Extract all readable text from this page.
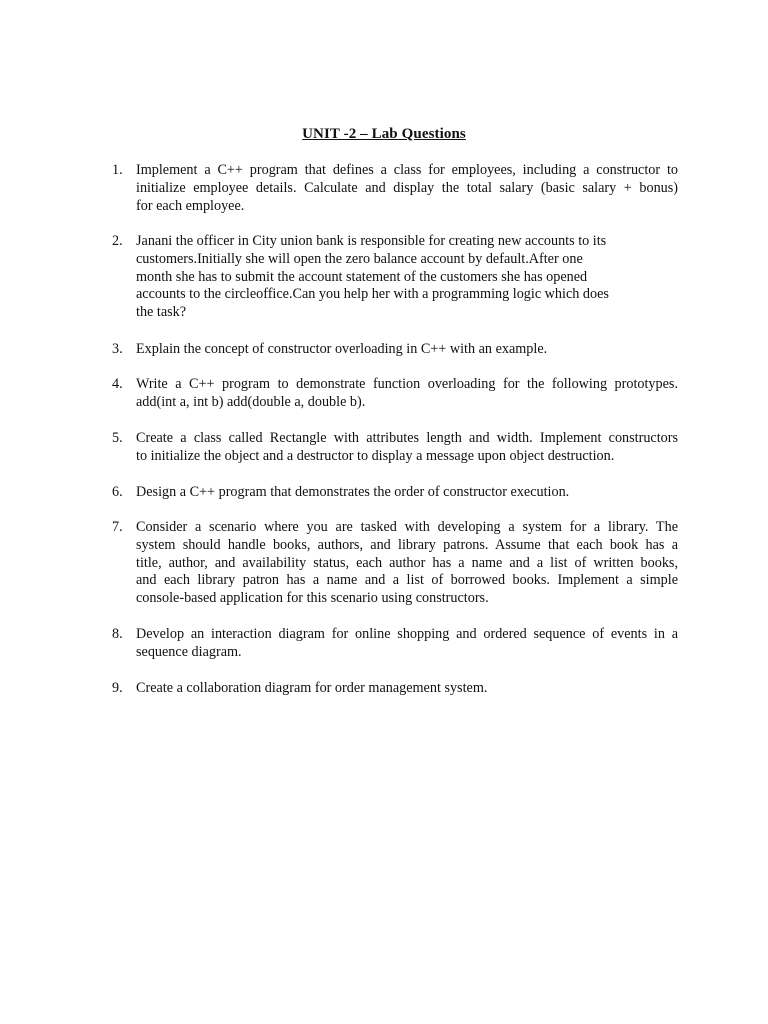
UNIT -2 – Lab Questions
1. Implement a C++ program that defines a class for employees, including a constructor to
initialize employee details. Calculate and display the total salary (basic salary + bonus)
for each employee.
2. Janani the officer in City union bank is responsible for creating new accounts to its
customers.Initially she will open the zero balance account by default.After one
month she has to submit the account statement of the customers she has opened
accounts to the circleoffice.Can you help her with a programming logic which does
the task?
3. Explain the concept of constructor overloading in C++ with an example.
4. Write a C++ program to demonstrate function overloading for the following prototypes.
add(int a, int b) add(double a, double b).
5. Create a class called Rectangle with attributes length and width. Implement constructors
to initialize the object and a destructor to display a message upon object destruction.
6. Design a C++ program that demonstrates the order of constructor execution.
7. Consider a scenario where you are tasked with developing a system for a library. The
system should handle books, authors, and library patrons. Assume that each book has a
title, author, and availability status, each author has a name and a list of written books,
and each library patron has a name and a list of borrowed books. Implement a simple
console-based application for this scenario using constructors.
8. Develop an interaction diagram for online shopping and ordered sequence of events in a
sequence diagram.
9. Create a collaboration diagram for order management system.
